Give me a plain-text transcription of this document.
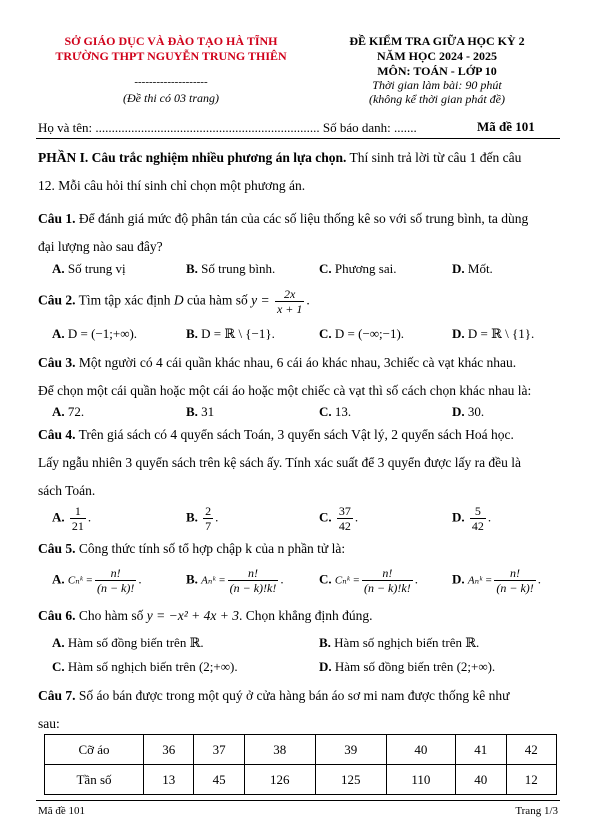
SỞ GIÁO DỤC VÀ ĐÀO TẠO HÀ TĨNH
TRƯỜNG THPT NGUYỄN TRUNG THIÊN
--------------------
(Đề thi có 03 trang)
ĐỀ KIỂM TRA GIỮA HỌC KỲ 2
NĂM HỌC 2024 - 2025
MÔN: TOÁN - LỚP 10
Thời gian làm bài: 90 phút
(không kể thời gian phát đề)
Họ và tên: ..................................................................... Số báo danh: .......	Mã đề 101
PHẦN I. Câu trắc nghiệm nhiều phương án lựa chọn. Thí sinh trả lời từ câu 1 đến câu
12. Mỗi câu hỏi thí sinh chỉ chọn một phương án.
Câu 1. Để đánh giá mức độ phân tán của các số liệu thống kê so với số trung bình, ta dùng
đại lượng nào sau đây?
A. Số trung vị	B. Số trung bình.	C. Phương sai.	D. Mốt.
Câu 2. Tìm tập xác định D của hàm số $y = \frac{2x}{x + 1}$ .
A. D = (−1;+∞).	B. D = ℝ \ {−1}.	C. D = (−∞;−1).	D. D = ℝ \ {1}.
Câu 3. Một người có 4 cái quần khác nhau, 6 cái áo khác nhau, 3chiếc cà vạt khác nhau.
Để chọn một cái quần hoặc một cái áo hoặc một chiếc cà vạt thì số cách chọn khác nhau là:
A. 72.	B. 31	C. 13.	D. 30.
Câu 4. Trên giá sách có 4 quyển sách Toán, 3 quyển sách Vật lý, 2 quyển sách Hoá học.
Lấy ngẫu nhiên 3 quyển sách trên kệ sách ấy. Tính xác suất để 3 quyển được lấy ra đều là
sách Toán.
A. $\frac{1}{21}$ .	B. $\frac{2}{7}$ .	C. $\frac{37}{42}$ .	D. $\frac{5}{42}$ .
Câu 5. Công thức tính số tổ hợp chập k của n phần tử là:
A. Cₙᵏ = $\frac{n!}{(n - k)!}$ .	B. Aₙᵏ = $\frac{n!}{(n - k)!k!}$ .	C. Cₙᵏ = $\frac{n!}{(n - k)!k!}$ .	D. Aₙᵏ = $\frac{n!}{(n - k)!}$ .
Câu 6. Cho hàm số y = −x² + 4x + 3. Chọn khẳng định đúng.
A. Hàm số đồng biến trên ℝ.	B. Hàm số nghịch biến trên ℝ.
C. Hàm số nghịch biến trên (2;+∞).	D. Hàm số đồng biến trên (2;+∞).
Câu 7. Số áo bán được trong một quý ở cửa hàng bán áo sơ mi nam được thống kê như
sau:
Cỡ áo	36	37	38	39	40	41	42
Tần số	13	45	126	125	110	40	12
Mã đề 101	Trang 1/3
